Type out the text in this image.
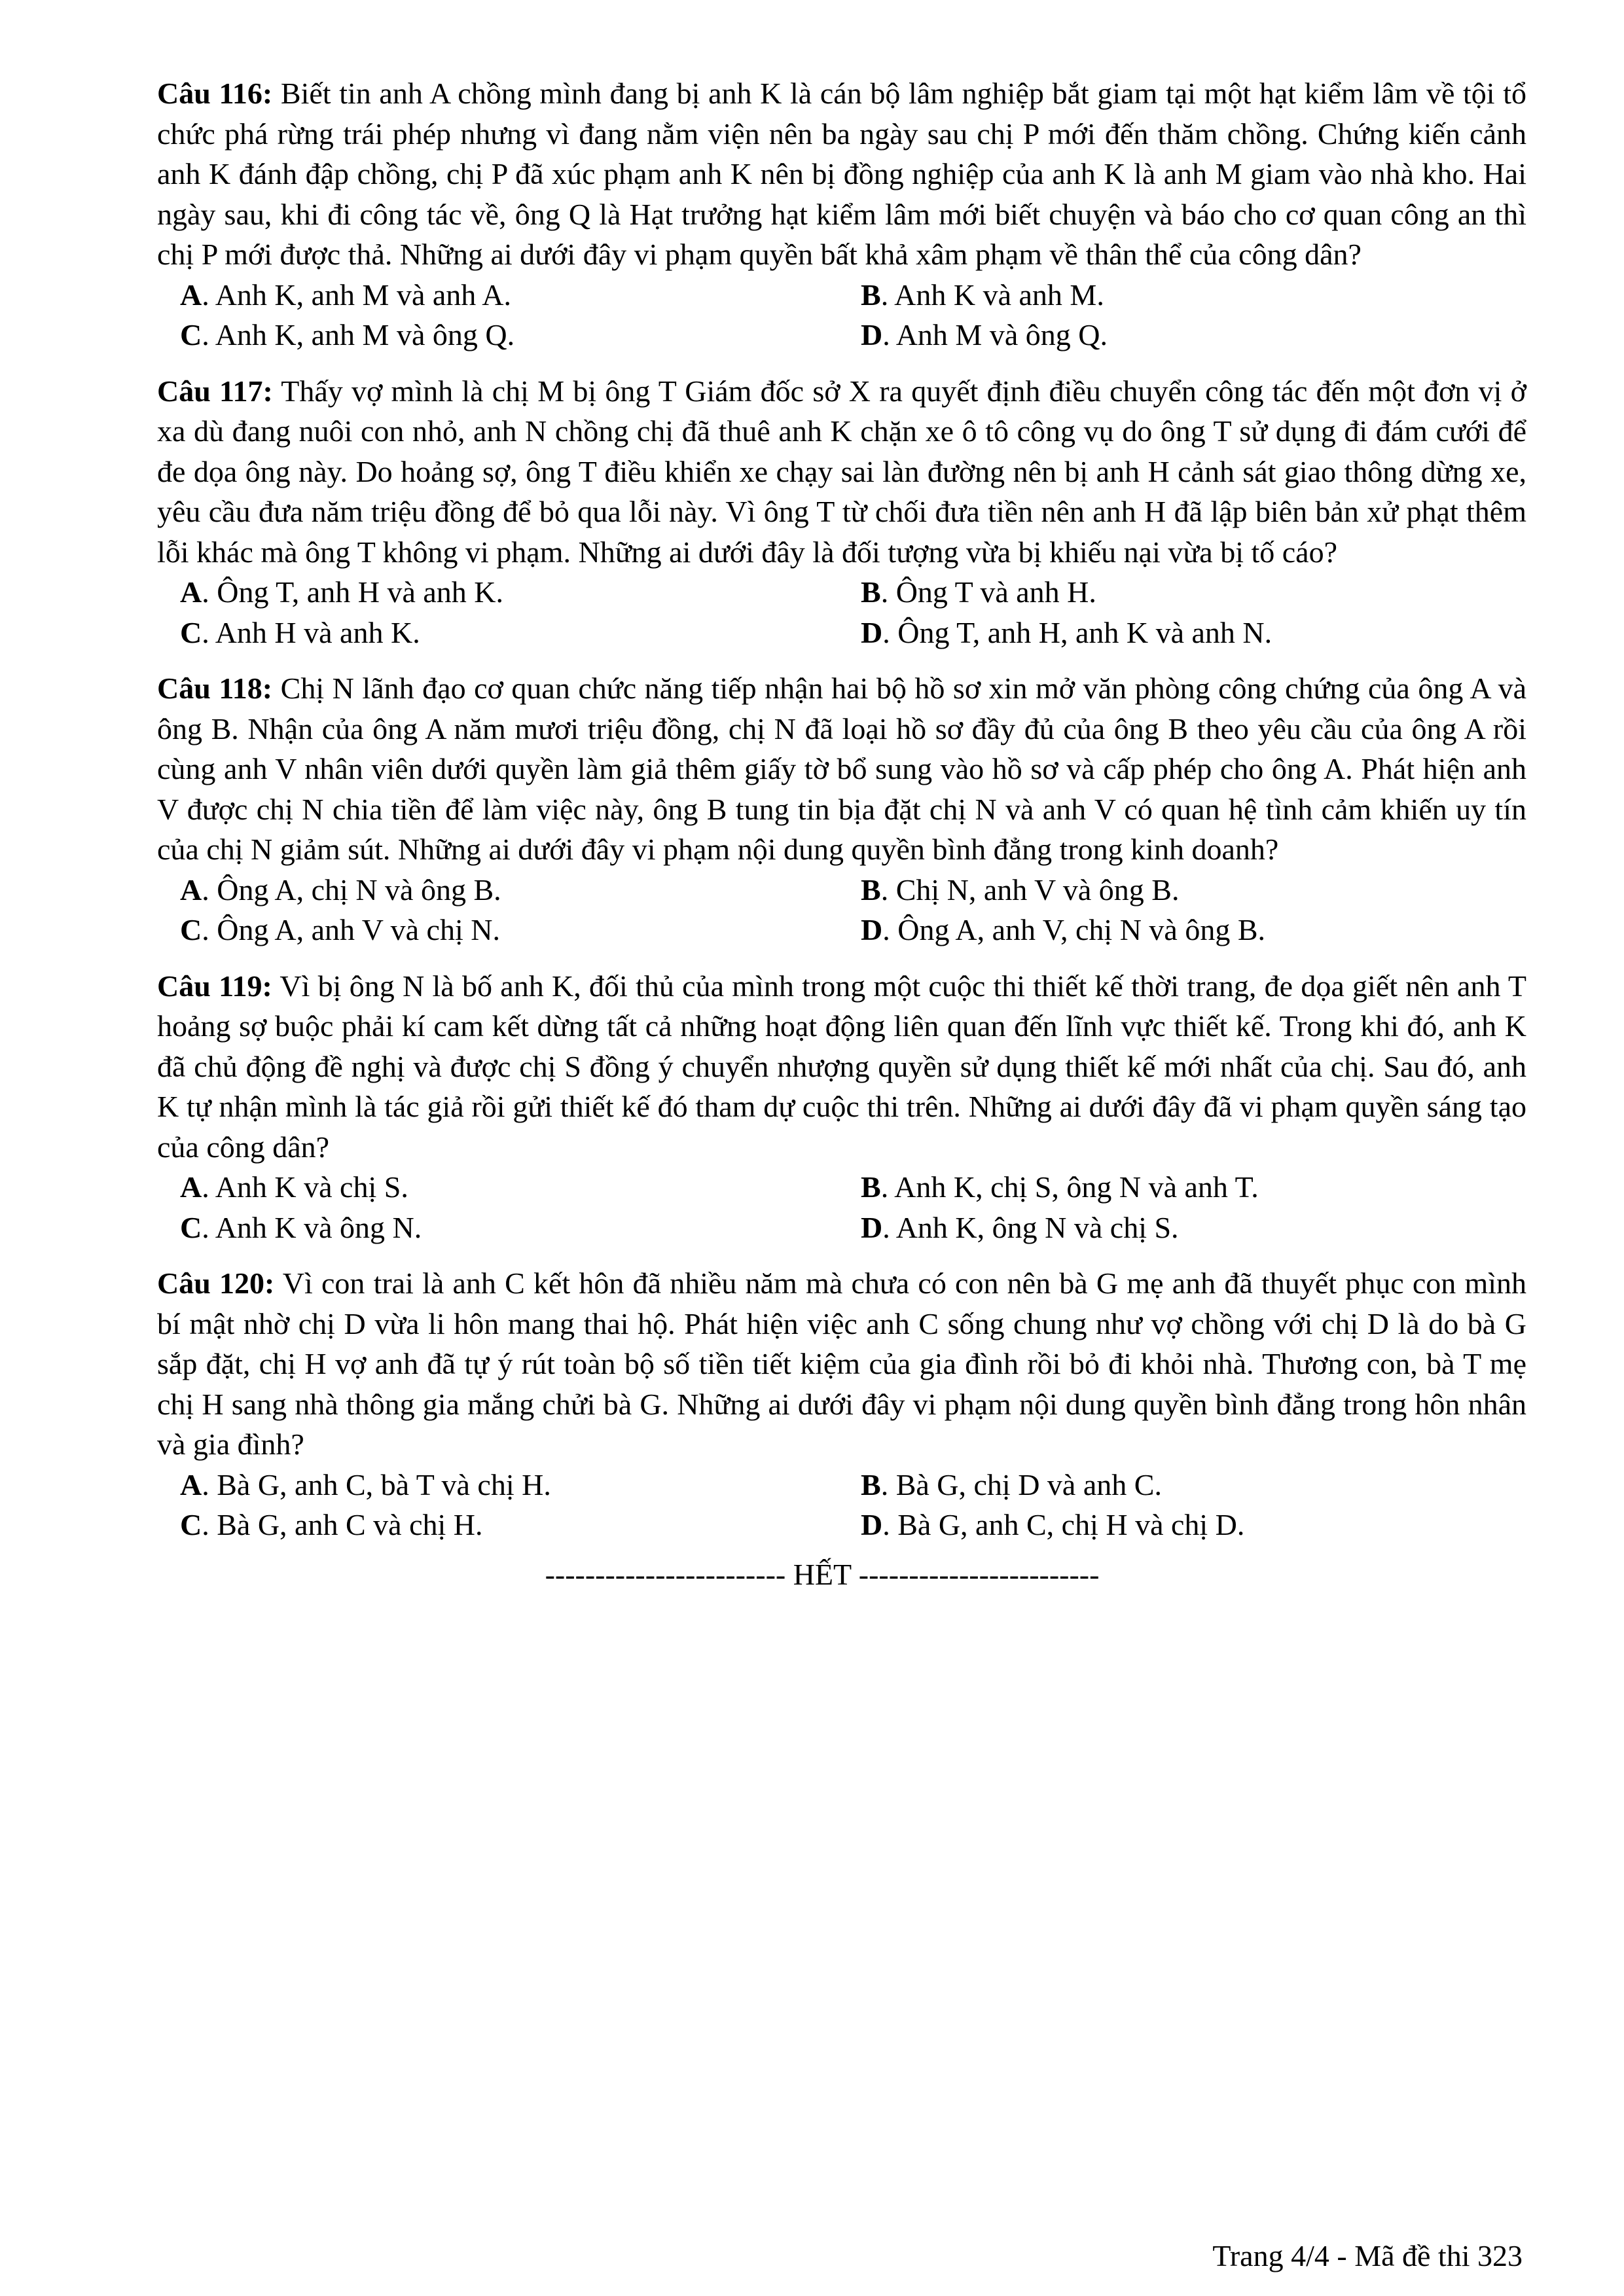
Câu 116: Biết tin anh A chồng mình đang bị anh K là cán bộ lâm nghiệp bắt giam tại một hạt kiểm lâm về tội tổ chức phá rừng trái phép nhưng vì đang nằm viện nên ba ngày sau chị P mới đến thăm chồng. Chứng kiến cảnh anh K đánh đập chồng, chị P đã xúc phạm anh K nên bị đồng nghiệp của anh K là anh M giam vào nhà kho. Hai ngày sau, khi đi công tác về, ông Q là Hạt trưởng hạt kiểm lâm mới biết chuyện và báo cho cơ quan công an thì chị P mới được thả. Những ai dưới đây vi phạm quyền bất khả xâm phạm về thân thể của công dân?

A. Anh K, anh M và anh A.	B. Anh K và anh M.
C. Anh K, anh M và ông Q.	D. Anh M và ông Q.

Câu 117: Thấy vợ mình là chị M bị ông T Giám đốc sở X ra quyết định điều chuyển công tác đến một đơn vị ở xa dù đang nuôi con nhỏ, anh N chồng chị đã thuê anh K chặn xe ô tô công vụ do ông T sử dụng đi đám cưới để đe dọa ông này. Do hoảng sợ, ông T điều khiển xe chạy sai làn đường nên bị anh H cảnh sát giao thông dừng xe, yêu cầu đưa năm triệu đồng để bỏ qua lỗi này. Vì ông T từ chối đưa tiền nên anh H đã lập biên bản xử phạt thêm lỗi khác mà ông T không vi phạm. Những ai dưới đây là đối tượng vừa bị khiếu nại vừa bị tố cáo?

A. Ông T, anh H và anh K.	B. Ông T và anh H.
C. Anh H và anh K.	D. Ông T, anh H, anh K và anh N.

Câu 118: Chị N lãnh đạo cơ quan chức năng tiếp nhận hai bộ hồ sơ xin mở văn phòng công chứng của ông A và ông B. Nhận của ông A năm mươi triệu đồng, chị N đã loại hồ sơ đầy đủ của ông B theo yêu cầu của ông A rồi cùng anh V nhân viên dưới quyền làm giả thêm giấy tờ bổ sung vào hồ sơ và cấp phép cho ông A. Phát hiện anh V được chị N chia tiền để làm việc này, ông B tung tin bịa đặt chị N và anh V có quan hệ tình cảm khiến uy tín của chị N giảm sút. Những ai dưới đây vi phạm nội dung quyền bình đẳng trong kinh doanh?

A. Ông A, chị N và ông B.	B. Chị N, anh V và ông B.
C. Ông A, anh V và chị N.	D. Ông A, anh V, chị N và ông B.

Câu 119: Vì bị ông N là bố anh K, đối thủ của mình trong một cuộc thi thiết kế thời trang, đe dọa giết nên anh T hoảng sợ buộc phải kí cam kết dừng tất cả những hoạt động liên quan đến lĩnh vực thiết kế. Trong khi đó, anh K đã chủ động đề nghị và được chị S đồng ý chuyển nhượng quyền sử dụng thiết kế mới nhất của chị. Sau đó, anh K tự nhận mình là tác giả rồi gửi thiết kế đó tham dự cuộc thi trên. Những ai dưới đây đã vi phạm quyền sáng tạo của công dân?

A. Anh K và chị S.	B. Anh K, chị S, ông N và anh T.
C. Anh K và ông N.	D. Anh K, ông N và chị S.

Câu 120: Vì con trai là anh C kết hôn đã nhiều năm mà chưa có con nên bà G mẹ anh đã thuyết phục con mình bí mật nhờ chị D vừa li hôn mang thai hộ. Phát hiện việc anh C sống chung như vợ chồng với chị D là do bà G sắp đặt, chị H vợ anh đã tự ý rút toàn bộ số tiền tiết kiệm của gia đình rồi bỏ đi khỏi nhà. Thương con, bà T mẹ chị H sang nhà thông gia mắng chửi bà G. Những ai dưới đây vi phạm nội dung quyền bình đẳng trong hôn nhân và gia đình?

A. Bà G, anh C, bà T và chị H.	B. Bà G, chị D và anh C.
C. Bà G, anh C và chị H.	D. Bà G, anh C, chị H và chị D.
------------------------ HẾT ------------------------
Trang 4/4 - Mã đề thi 323
